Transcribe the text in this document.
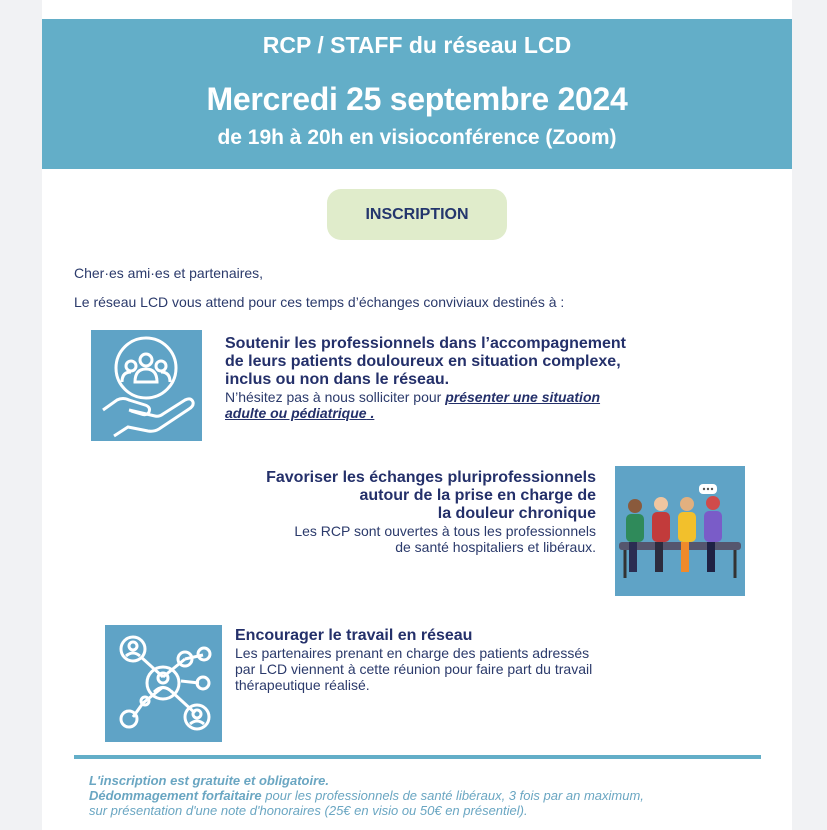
RCP / STAFF du réseau LCD
Mercredi 25 septembre 2024
de 19h à 20h en visioconférence (Zoom)
INSCRIPTION
Cher·es ami·es et partenaires,
Le réseau LCD vous attend pour ces temps d’échanges conviviaux destinés à :
Soutenir les professionnels dans l’accompagnement
de leurs patients douloureux en situation complexe,
inclus ou non dans le réseau.
N’hésitez pas à nous solliciter pour présenter une situation
adulte ou pédiatrique .
Favoriser les échanges pluriprofessionnels
autour de la prise en charge de
la douleur chronique
Les RCP sont ouvertes à tous les professionnels
de santé hospitaliers et libéraux.
Encourager le travail en réseau
Les partenaires prenant en charge des patients adressés
par LCD viennent à cette réunion pour faire part du travail
thérapeutique réalisé.
L'inscription est gratuite et obligatoire.
Dédommagement forfaitaire pour les professionnels de santé libéraux, 3 fois par an maximum,
sur présentation d'une note d'honoraires (25€ en visio ou 50€ en présentiel).
